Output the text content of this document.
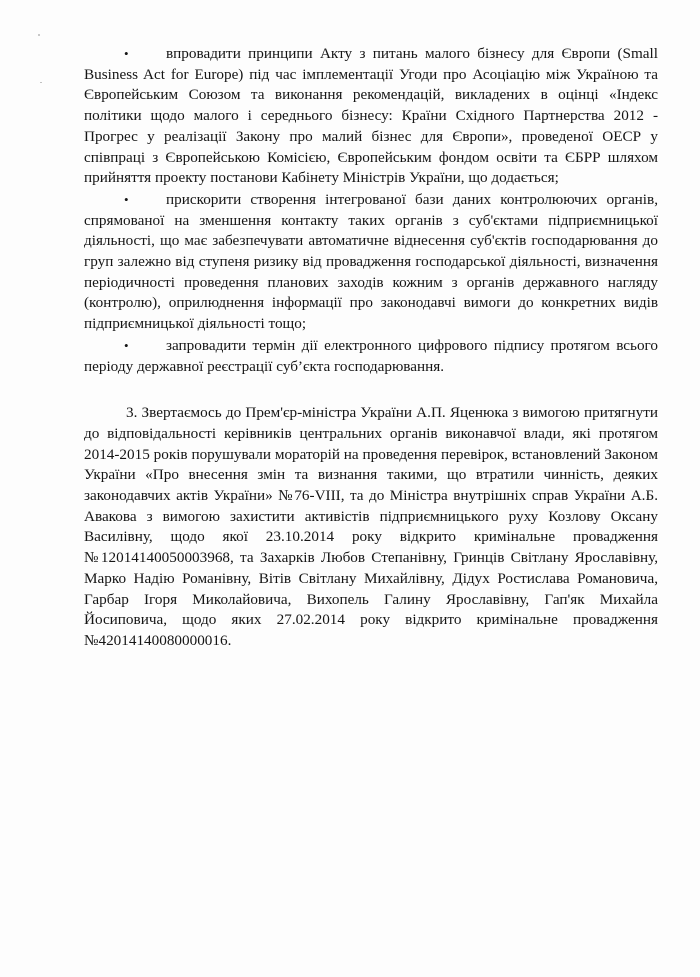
• впровадити принципи Акту з питань малого бізнесу для Європи (Small Business Act for Europe) під час імплементації Угоди про Асоціацію між Україною та Європейським Союзом та виконання рекомендацій, викладених в оцінці «Індекс політики щодо малого і середнього бізнесу: Країни Східного Партнерства 2012 - Прогрес у реалізації Закону про малий бізнес для Європи», проведеної ОЕСР у співпраці з Європейською Комісією, Європейським фондом освіти та ЄБРР шляхом прийняття проекту постанови Кабінету Міністрів України, що додається;

• прискорити створення інтегрованої бази даних контролюючих органів, спрямованої на зменшення контакту таких органів з суб'єктами підприємницької діяльності, що має забезпечувати автоматичне віднесення суб'єктів господарювання до груп залежно від ступеня ризику від провадження господарської діяльності, визначення періодичності проведення планових заходів кожним з органів державного нагляду (контролю), оприлюднення інформації про законодавчі вимоги до конкретних видів підприємницької діяльності тощо;

• запровадити термін дії електронного цифрового підпису протягом всього періоду державної реєстрації суб’єкта господарювання.

3. Звертаємось до Прем'єр-міністра України А.П. Яценюка з вимогою притягнути до відповідальності керівників центральних органів виконавчої влади, які протягом 2014-2015 років порушували мораторій на проведення перевірок, встановлений Законом України «Про внесення змін та визнання такими, що втратили чинність, деяких законодавчих актів України» №76-VIII, та до Міністра внутрішніх справ України А.Б. Авакова з вимогою захистити активістів підприємницького руху Козлову Оксану Василівну, щодо якої 23.10.2014 року відкрито кримінальне провадження №12014140050003968, та Захарків Любов Степанівну, Гринців Світлану Ярославівну, Марко Надію Романівну, Вітів Світлану Михайлівну, Дідух Ростислава Романовича, Гарбар Ігоря Миколайовича, Вихопель Галину Ярославівну, Гап'як Михайла Йосиповича, щодо яких 27.02.2014 року відкрито кримінальне провадження №42014140080000016.
